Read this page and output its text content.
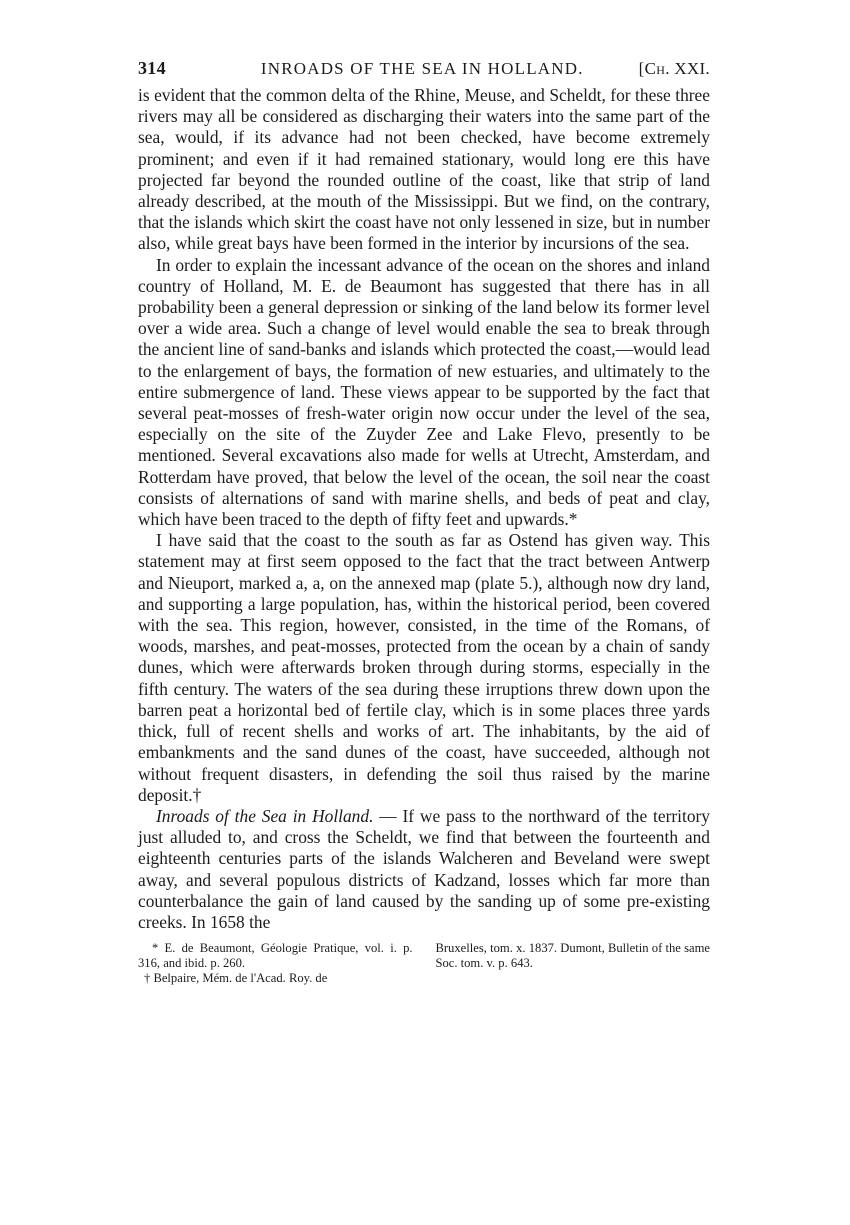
314	INROADS OF THE SEA IN HOLLAND.	[Ch. XXI.

is evident that the common delta of the Rhine, Meuse, and Scheldt, for these three rivers may all be considered as discharging their waters into the same part of the sea, would, if its advance had not been checked, have become extremely prominent; and even if it had remained stationary, would long ere this have projected far beyond the rounded outline of the coast, like that strip of land already described, at the mouth of the Mississippi. But we find, on the contrary, that the islands which skirt the coast have not only lessened in size, but in number also, while great bays have been formed in the interior by incursions of the sea.

In order to explain the incessant advance of the ocean on the shores and inland country of Holland, M. E. de Beaumont has suggested that there has in all probability been a general depression or sinking of the land below its former level over a wide area. Such a change of level would enable the sea to break through the ancient line of sand-banks and islands which protected the coast,—would lead to the enlargement of bays, the formation of new estuaries, and ultimately to the entire submergence of land. These views appear to be supported by the fact that several peat-mosses of fresh-water origin now occur under the level of the sea, especially on the site of the Zuyder Zee and Lake Flevo, presently to be mentioned. Several excavations also made for wells at Utrecht, Amsterdam, and Rotterdam have proved, that below the level of the ocean, the soil near the coast consists of alternations of sand with marine shells, and beds of peat and clay, which have been traced to the depth of fifty feet and upwards.*

I have said that the coast to the south as far as Ostend has given way. This statement may at first seem opposed to the fact that the tract between Antwerp and Nieuport, marked a, a, on the annexed map (plate 5.), although now dry land, and supporting a large population, has, within the historical period, been covered with the sea. This region, however, consisted, in the time of the Romans, of woods, marshes, and peat-mosses, protected from the ocean by a chain of sandy dunes, which were afterwards broken through during storms, especially in the fifth century. The waters of the sea during these irruptions threw down upon the barren peat a horizontal bed of fertile clay, which is in some places three yards thick, full of recent shells and works of art. The inhabitants, by the aid of embankments and the sand dunes of the coast, have succeeded, although not without frequent disasters, in defending the soil thus raised by the marine deposit.†

Inroads of the Sea in Holland. — If we pass to the northward of the territory just alluded to, and cross the Scheldt, we find that between the fourteenth and eighteenth centuries parts of the islands Walcheren and Beveland were swept away, and several populous districts of Kadzand, losses which far more than counterbalance the gain of land caused by the sanding up of some pre-existing creeks. In 1658 the

* E. de Beaumont, Géologie Pratique, vol. i. p. 316, and ibid. p. 260.

† Belpaire, Mém. de l'Acad. Roy. de

Bruxelles, tom. x. 1837. Dumont, Bulletin of the same Soc. tom. v. p. 643.
